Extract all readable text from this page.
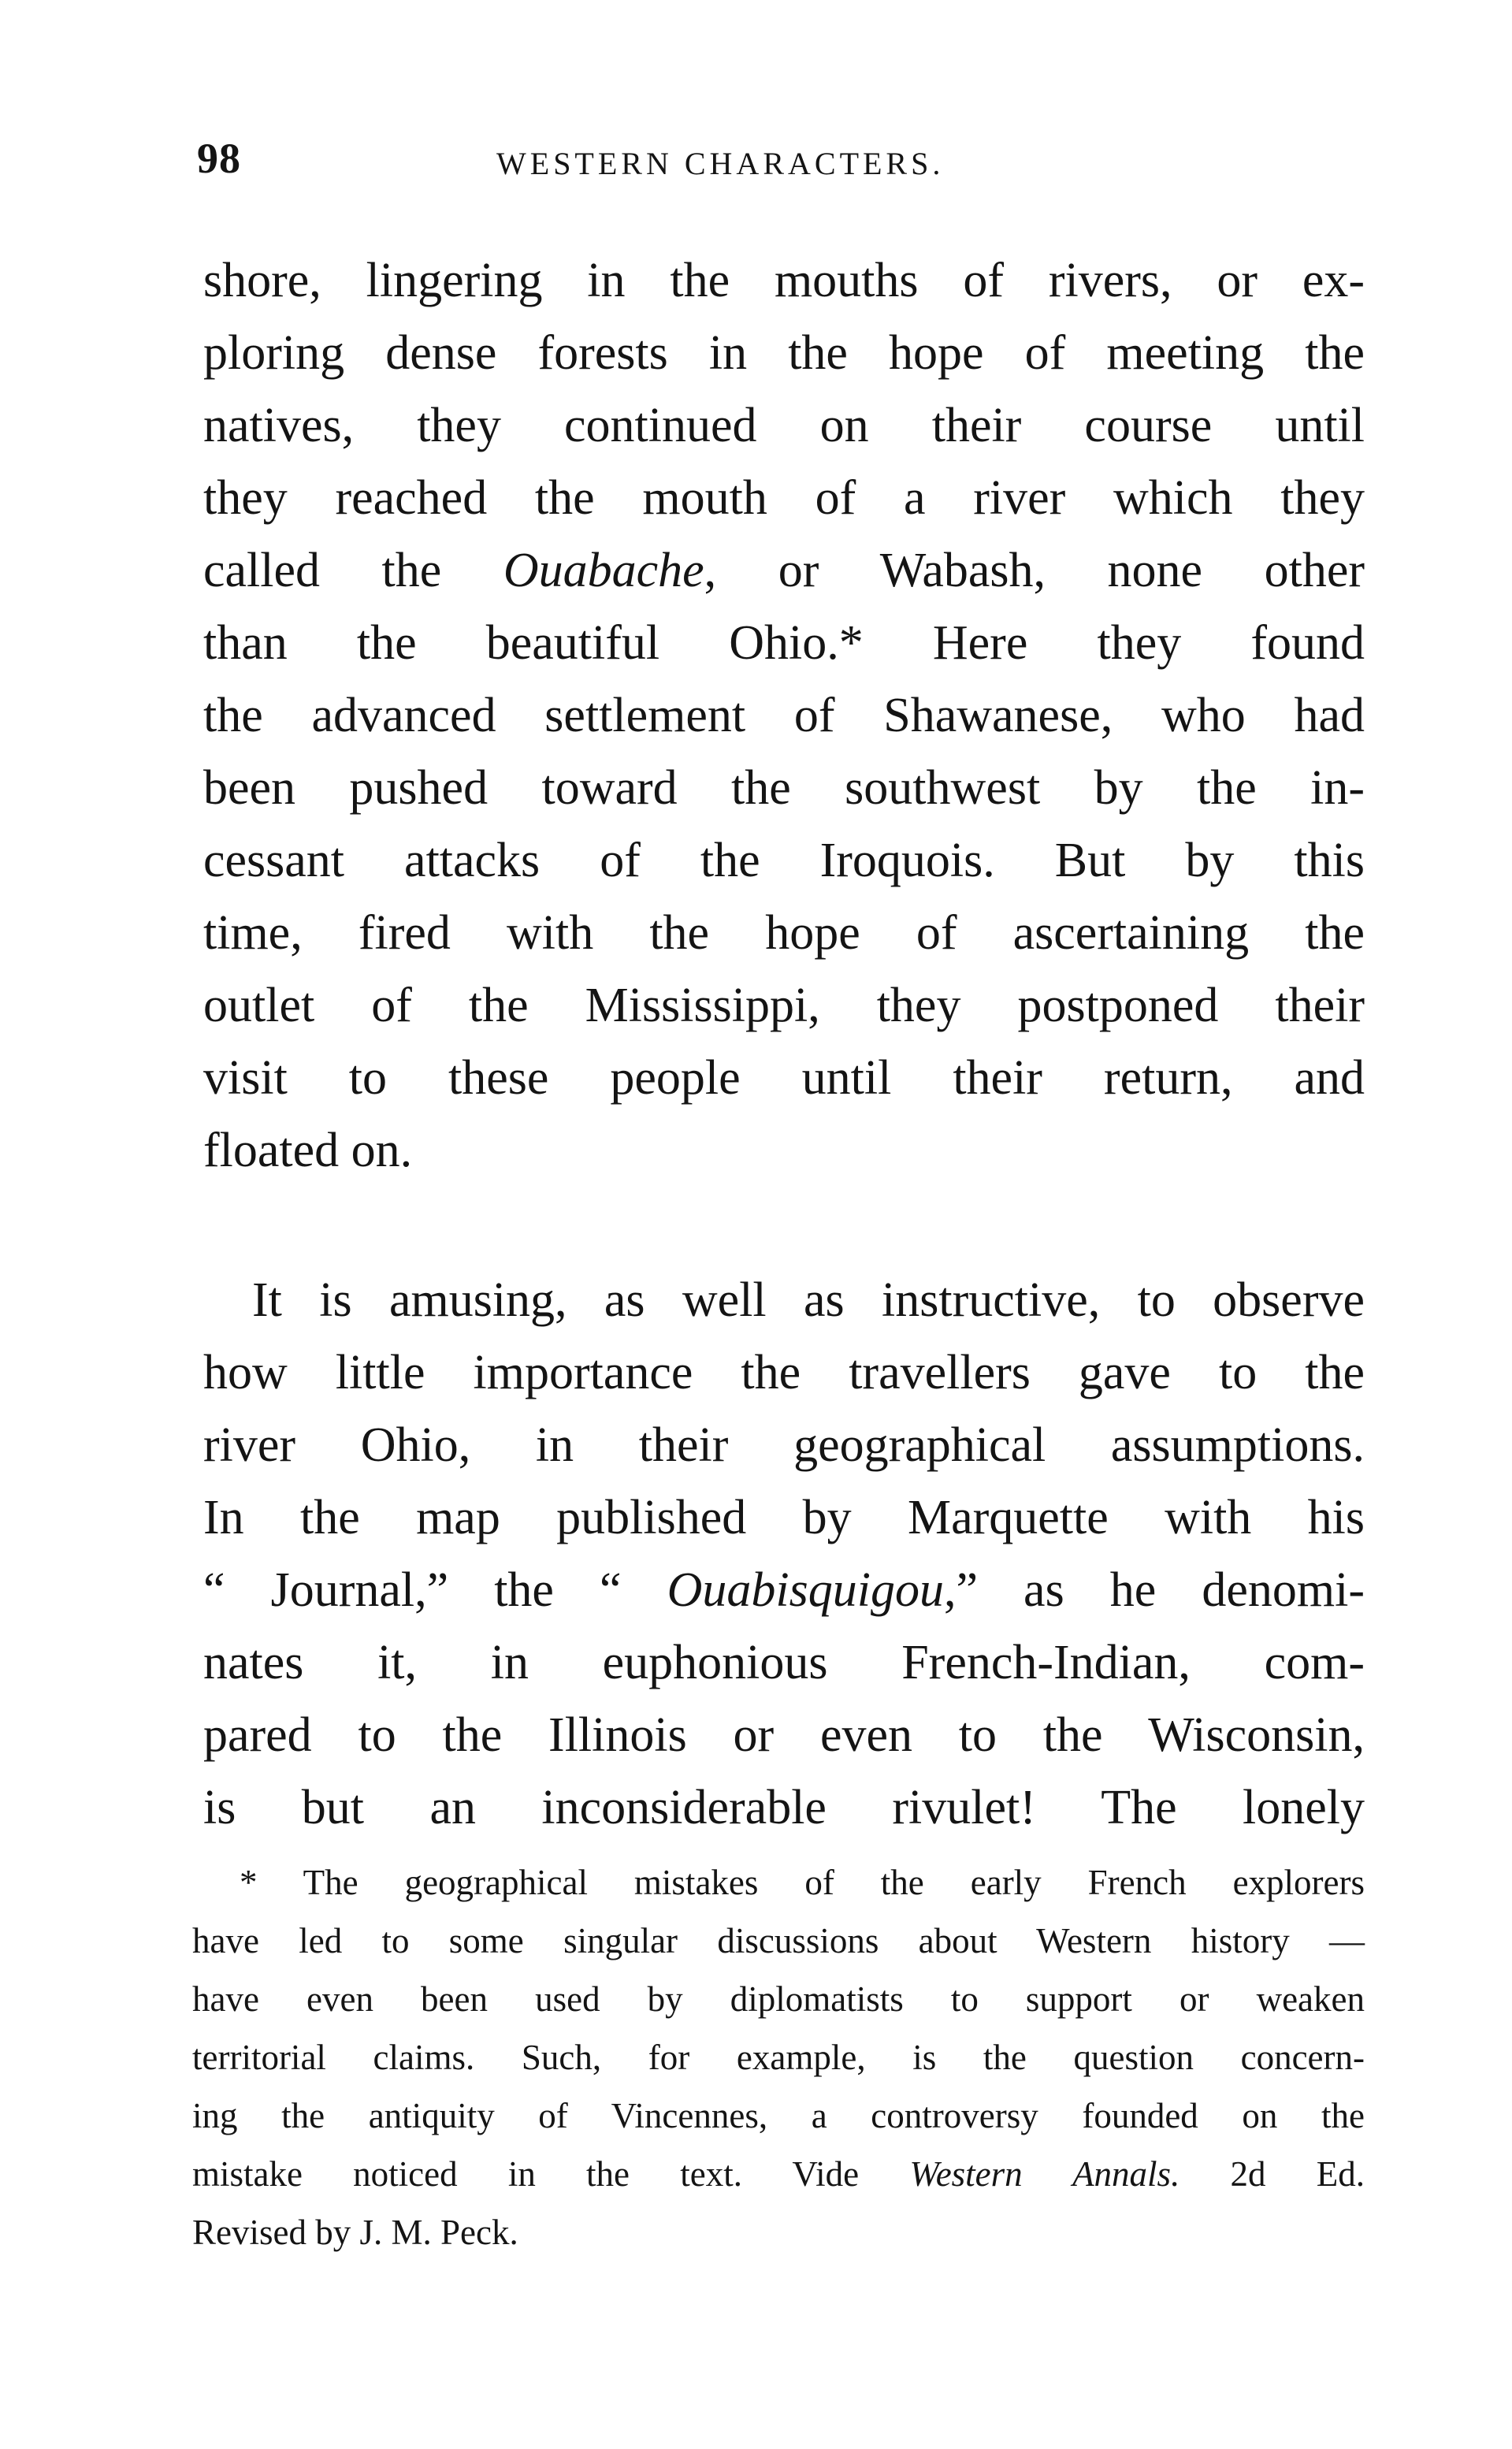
98	WESTERN CHARACTERS.
shore, lingering in the mouths of rivers, or ex-
ploring dense forests in the hope of meeting the
natives, they continued on their course until
they reached the mouth of a river which they
called the Ouabache, or Wabash, none other
than the beautiful Ohio.* Here they found
the advanced settlement of Shawanese, who had
been pushed toward the southwest by the in-
cessant attacks of the Iroquois. But by this
time, fired with the hope of ascertaining the
outlet of the Mississippi, they postponed their
visit to these people until their return, and
floated on.
It is amusing, as well as instructive, to observe
how little importance the travellers gave to the
river Ohio, in their geographical assumptions.
In the map published by Marquette with his
“ Journal,” the “ Ouabisquigou,” as he denomi-
nates it, in euphonious French-Indian, com-
pared to the Illinois or even to the Wisconsin,
is but an inconsiderable rivulet! The lonely
* The geographical mistakes of the early French explorers
have led to some singular discussions about Western history —
have even been used by diplomatists to support or weaken
territorial claims. Such, for example, is the question concern-
ing the antiquity of Vincennes, a controversy founded on the
mistake noticed in the text. Vide Western Annals. 2d Ed.
Revised by J. M. Peck.
